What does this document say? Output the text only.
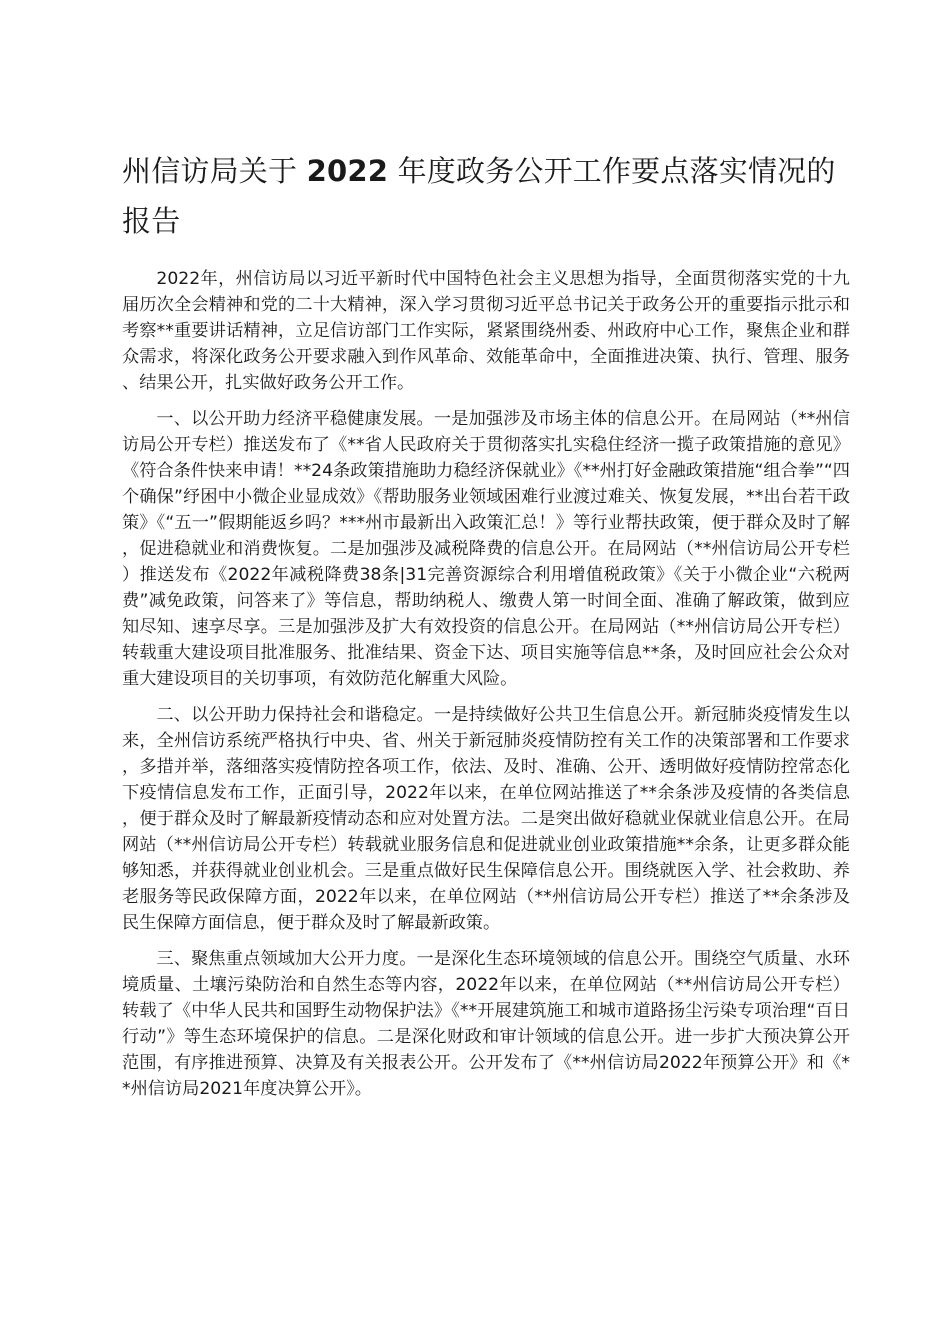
州信访局关于 2022 年度政务公开工作要点落实情况的报告

2022年，州信访局以习近平新时代中国特色社会主义思想为指导，全面贯彻落实党的十九届历次全会精神和党的二十大精神，深入学习贯彻习近平总书记关于政务公开的重要指示批示和考察**重要讲话精神，立足信访部门工作实际，紧紧围绕州委、州政府中心工作，聚焦企业和群众需求，将深化政务公开要求融入到作风革命、效能革命中，全面推进决策、执行、管理、服务、结果公开，扎实做好政务公开工作。

一、以公开助力经济平稳健康发展。一是加强涉及市场主体的信息公开。在局网站（**州信访局公开专栏）推送发布了《**省人民政府关于贯彻落实扎实稳住经济一揽子政策措施的意见》《符合条件快来申请！**24条政策措施助力稳经济保就业》《**州打好金融政策措施“组合拳”“四个确保”纾困中小微企业显成效》《帮助服务业领域困难行业渡过难关、恢复发展，**出台若干政策》《“五一”假期能返乡吗？***州市最新出入政策汇总！》等行业帮扶政策，便于群众及时了解，促进稳就业和消费恢复。二是加强涉及减税降费的信息公开。在局网站（**州信访局公开专栏）推送发布《2022年减税降费38条|31完善资源综合利用增值税政策》《关于小微企业“六税两费”减免政策，问答来了》等信息，帮助纳税人、缴费人第一时间全面、准确了解政策，做到应知尽知、速享尽享。三是加强涉及扩大有效投资的信息公开。在局网站（**州信访局公开专栏）转载重大建设项目批准服务、批准结果、资金下达、项目实施等信息**条，及时回应社会公众对重大建设项目的关切事项，有效防范化解重大风险。

二、以公开助力保持社会和谐稳定。一是持续做好公共卫生信息公开。新冠肺炎疫情发生以来，全州信访系统严格执行中央、省、州关于新冠肺炎疫情防控有关工作的决策部署和工作要求，多措并举，落细落实疫情防控各项工作，依法、及时、准确、公开、透明做好疫情防控常态化下疫情信息发布工作，正面引导，2022年以来，在单位网站推送了**余条涉及疫情的各类信息，便于群众及时了解最新疫情动态和应对处置方法。二是突出做好稳就业保就业信息公开。在局网站（**州信访局公开专栏）转载就业服务信息和促进就业创业政策措施**余条，让更多群众能够知悉，并获得就业创业机会。三是重点做好民生保障信息公开。围绕就医入学、社会救助、养老服务等民政保障方面，2022年以来，在单位网站（**州信访局公开专栏）推送了**余条涉及民生保障方面信息，便于群众及时了解最新政策。

三、聚焦重点领域加大公开力度。一是深化生态环境领域的信息公开。围绕空气质量、水环境质量、土壤污染防治和自然生态等内容，2022年以来，在单位网站（**州信访局公开专栏）转载了《中华人民共和国野生动物保护法》《**开展建筑施工和城市道路扬尘污染专项治理“百日行动”》等生态环境保护的信息。二是深化财政和审计领域的信息公开。进一步扩大预决算公开范围，有序推进预算、决算及有关报表公开。公开发布了《**州信访局2022年预算公开》和《**州信访局2021年度决算公开》。
